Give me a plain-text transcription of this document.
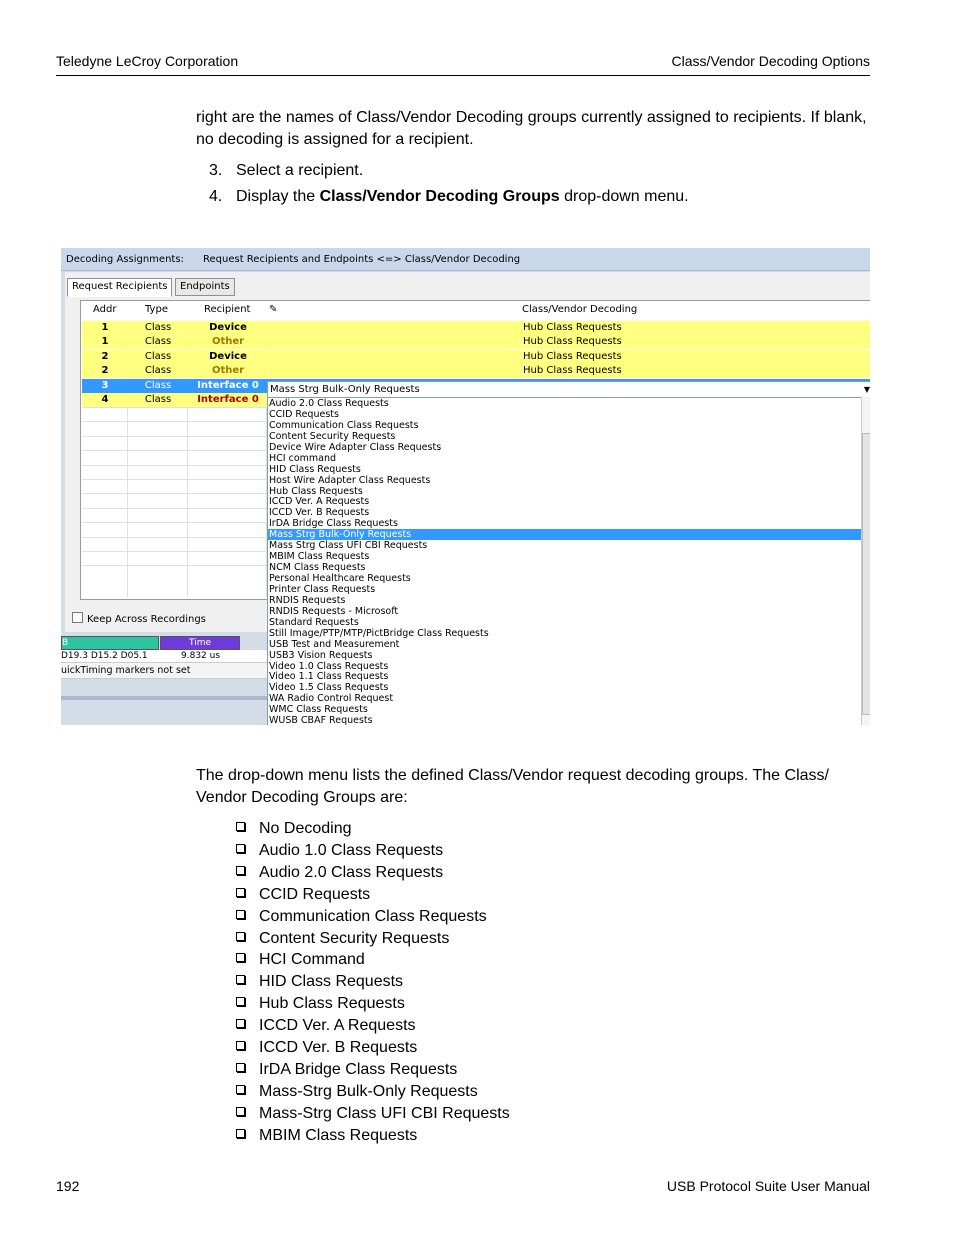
Teledyne LeCroy Corporation	Class/Vendor Decoding Options
right are the names of Class/Vendor Decoding groups currently assigned to recipients. If blank, no decoding is assigned for a recipient.
3. Select a recipient.
4. Display the Class/Vendor Decoding Groups drop-down menu.
Decoding Assignments: Request Recipients and Endpoints <=> Class/Vendor Decoding
Request Recipients	Endpoints
Addr	Type	Recipient ✎	Class/Vendor Decoding
1	Class	Device	Hub Class Requests
1	Class	Other	Hub Class Requests
2	Class	Device	Hub Class Requests
2	Class	Other	Hub Class Requests
3	Class	Interface 0
4	Class	Interface 0
Keep Across Recordings
B	Time
D19.3 D15.2 D05.1	9.832 us
uickTiming markers not set
Mass Strg Bulk-Only Requests	▼
Audio 2.0 Class Requests
CCID Requests
Communication Class Requests
Content Security Requests
Device Wire Adapter Class Requests
HCI command
HID Class Requests
Host Wire Adapter Class Requests
Hub Class Requests
ICCD Ver. A Requests
ICCD Ver. B Requests
IrDA Bridge Class Requests
Mass Strg Bulk-Only Requests
Mass Strg Class UFI CBI Requests
MBIM Class Requests
NCM Class Requests
Personal Healthcare Requests
Printer Class Requests
RNDIS Requests
RNDIS Requests - Microsoft
Standard Requests
Still Image/PTP/MTP/PictBridge Class Requests
USB Test and Measurement
USB3 Vision Requests
Video 1.0 Class Requests
Video 1.1 Class Requests
Video 1.5 Class Requests
WA Radio Control Request
WMC Class Requests
WUSB CBAF Requests
The drop-down menu lists the defined Class/Vendor request decoding groups. The Class/ Vendor Decoding Groups are:
No Decoding
Audio 1.0 Class Requests
Audio 2.0 Class Requests
CCID Requests
Communication Class Requests
Content Security Requests
HCI Command
HID Class Requests
Hub Class Requests
ICCD Ver. A Requests
ICCD Ver. B Requests
IrDA Bridge Class Requests
Mass-Strg Bulk-Only Requests
Mass-Strg Class UFI CBI Requests
MBIM Class Requests
192	USB Protocol Suite User Manual
